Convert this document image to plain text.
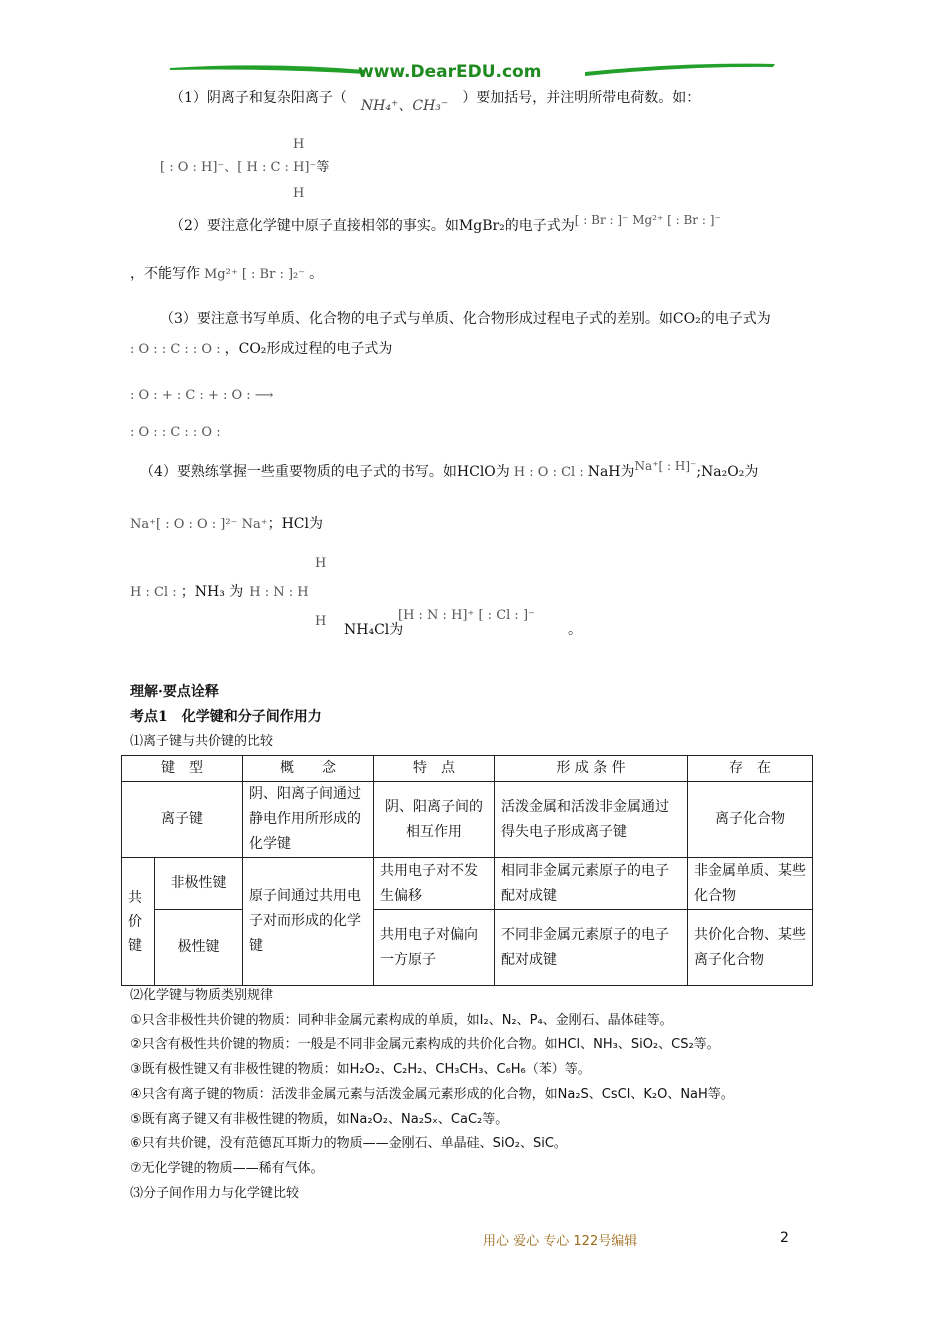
www.DearEDU.com
（1）阴离子和复杂阳离子（ NH₄⁺、CH₃⁻ ）要加括号，并注明所带电荷数。如：
[ : O : H]⁻、[ H : C : H]⁻等
H
H
（2）要注意化学键中原子直接相邻的事实。如MgBr₂的电子式为[ : Br : ]⁻ Mg²⁺ [ : Br : ]⁻
，不能写作 Mg²⁺ [ : Br : ]₂⁻ 。
（3）要注意书写单质、化合物的电子式与单质、化合物形成过程电子式的差别。如CO₂的电子式为
: O : : C : : O : ，CO₂形成过程的电子式为
: O : + : C : + : O : ⟶
: O : : C : : O :
（4）要熟练掌握一些重要物质的电子式的书写。如HClO为 H : O : Cl : NaH为Na⁺[ : H]⁻;Na₂O₂为
Na⁺[ : O : O : ]²⁻ Na⁺；HCl为
H : Cl : ；NH₃ 为 H : N : H
H
H
NH₄Cl为
[H : N : H]⁺ [ : Cl : ]⁻
。
理解·要点诠释
考点1　化学键和分子间作用力
⑴离子键与共价键的比较
键　型		概　　念	特　点	形 成 条 件	存　在
离子键		阴、阳离子间通过静电作用所形成的化学键	阴、阳离子间的相互作用	活泼金属和活泼非金属通过得失电子形成离子键	离子化合物
共价键	非极性键	原子间通过共用电子对而形成的化学键	共用电子对不发生偏移	相同非金属元素原子的电子配对成键	非金属单质、某些化合物
	极性键		共用电子对偏向一方原子	不同非金属元素原子的电子配对成键	共价化合物、某些离子化合物
⑵化学键与物质类别规律
①只含非极性共价键的物质：同种非金属元素构成的单质，如I₂、N₂、P₄、金刚石、晶体硅等。
②只含有极性共价键的物质：一般是不同非金属元素构成的共价化合物。如HCl、NH₃、SiO₂、CS₂等。
③既有极性键又有非极性键的物质：如H₂O₂、C₂H₂、CH₃CH₃、C₆H₆（苯）等。
④只含有离子键的物质：活泼非金属元素与活泼金属元素形成的化合物，如Na₂S、CsCl、K₂O、NaH等。
⑤既有离子键又有非极性键的物质，如Na₂O₂、Na₂Sₓ、CaC₂等。
⑥只有共价键，没有范德瓦耳斯力的物质——金刚石、单晶硅、SiO₂、SiC。
⑦无化学键的物质——稀有气体。
⑶分子间作用力与化学键比较
用心 爱心 专心 122号编辑	2
